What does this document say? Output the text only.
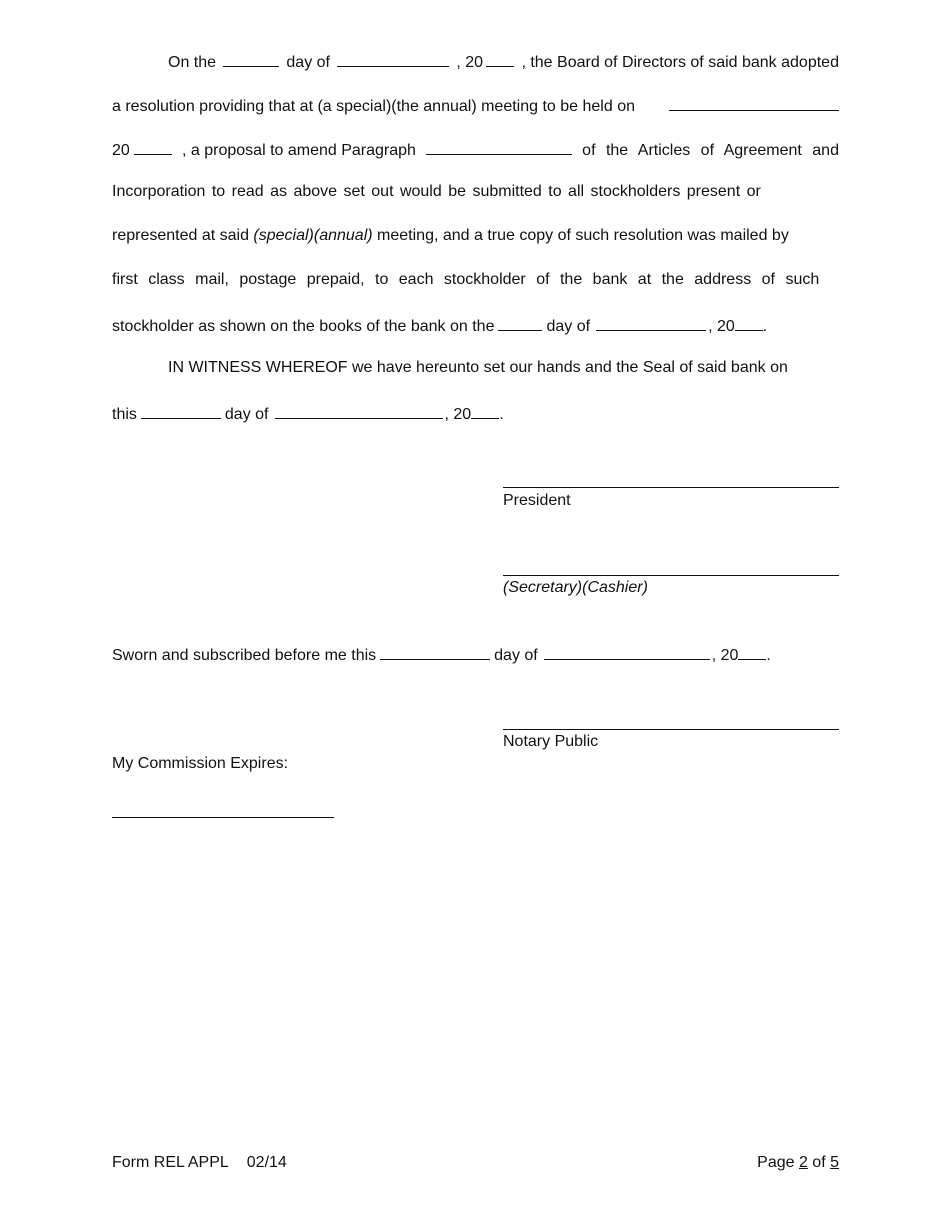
On the	day of	, 20 , the Board of Directors of said bank adopted
a resolution providing that at (a special)(the annual) meeting to be held on
20	, a proposal to amend Paragraph	of the Articles of Agreement and
Incorporation to read as above set out would be submitted to all stockholders present or
represented at said (special)(annual) meeting, and a true copy of such resolution was mailed by
first class mail, postage prepaid, to each stockholder of the bank at the address of such
stockholder as shown on the books of the bank on the	day of	, 20 .
IN WITNESS WHEREOF we have hereunto set our hands and the Seal of said bank on
this	day of	, 20 .
President
(Secretary)(Cashier)
Sworn and subscribed before me this	day of	, 20 .
Notary Public
My Commission Expires:
Form REL APPL 02/14	Page 2 of 5
